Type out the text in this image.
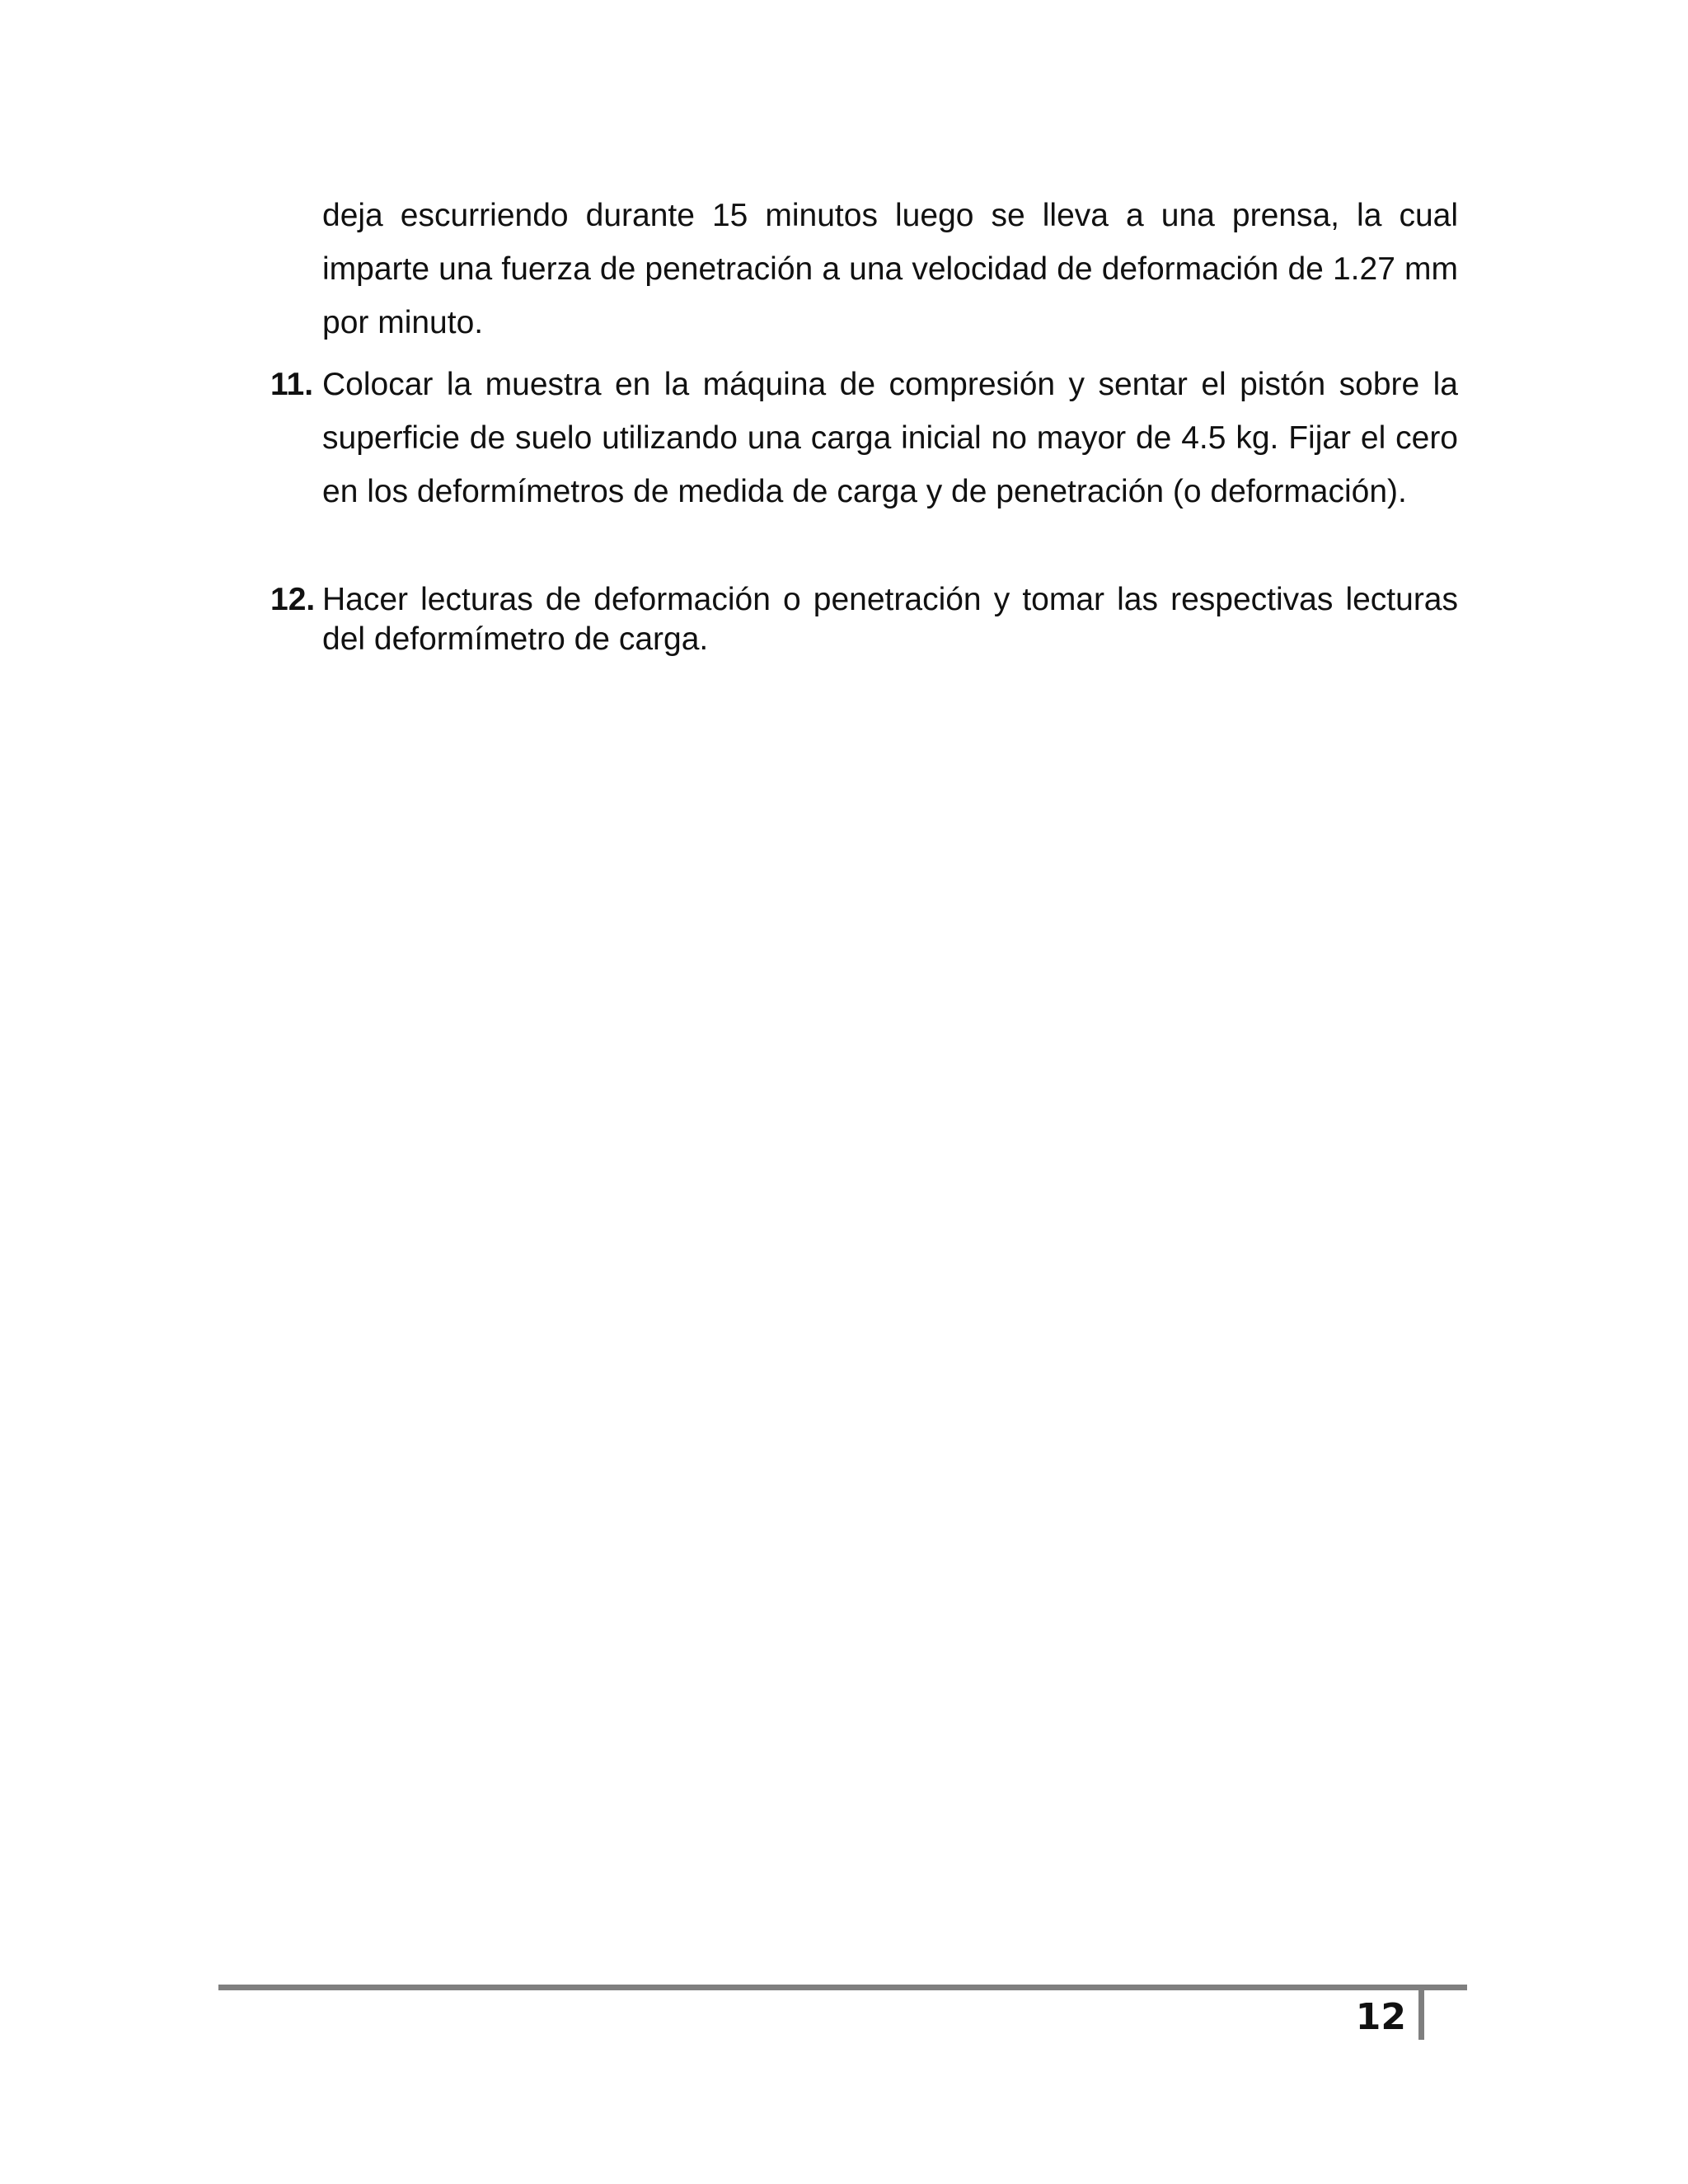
deja escurriendo durante 15 minutos luego se lleva a una prensa, la cual imparte una fuerza de penetración a una velocidad de deformación de 1.27 mm por minuto.

11. Colocar la muestra en la máquina de compresión y sentar el pistón sobre la superficie de suelo utilizando una carga inicial no mayor de 4.5 kg. Fijar el cero en los deformímetros de medida de carga y de penetración (o deformación).
12. Hacer lecturas de deformación o penetración y tomar las respectivas lecturas del deformímetro de carga.
12
